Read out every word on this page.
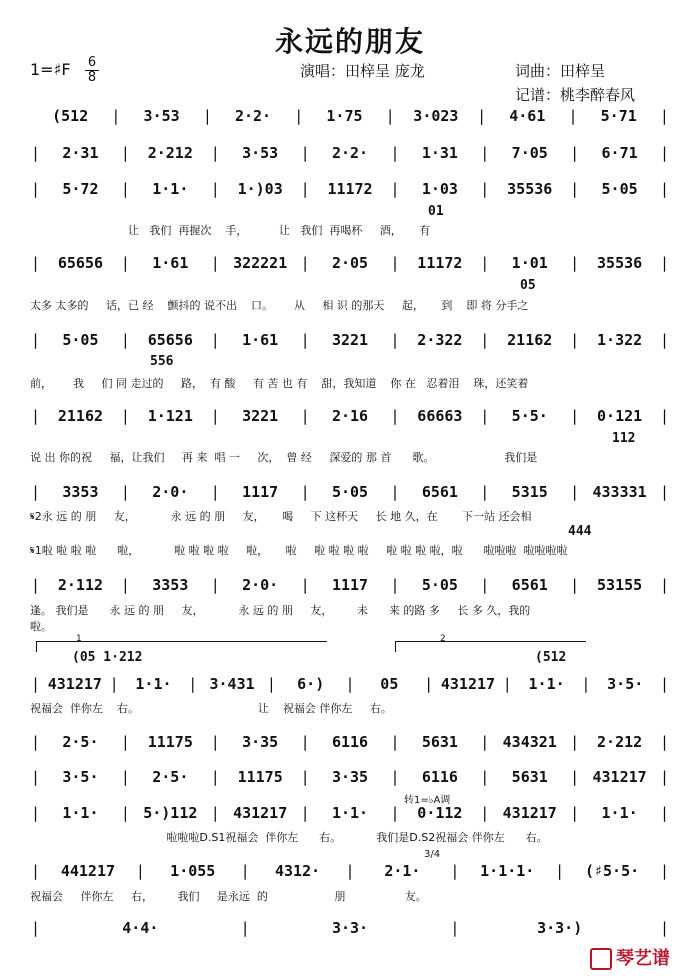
永远的朋友
1=♯F 6
8	演唱：田梓呈 庞龙	词曲：田梓呈
记谱：桃李醉春风
(512	|	3·53	|	2·2·	|	1·75	|	3·023	|	4·61	|	5·71	|
|	2·31	|	2·212	|	3·53	|	2·2·	|	1·31	|	7·05	|	6·71	|
|	5·72	|	1·1·	|	1·)03	|	11172	|	1·03	|	35536	|	5·05	|
让   我们  再握次    手，         让   我们  再喝杯     酒，     有
|	65656	|	1·61	| 322221 |	2·05	|	11172	|	1·01	|	35536	|
太多 太多的     话，已 经    颤抖的 说不出    口。      从     相 识 的那天     起，     到    即 将 分手之
|	5·05	|	65656	|	1·61	|	3221	|	2·322	|	21162	|	1·322	|
前，      我     们 同 走过的     路，  有 酸     有 苦 也 有    甜，我知道    你 在   忍着泪    珠，还笑着
|	21162	|	1·121	|	3221	|	2·16	|	66663	|	5·5·	|	0·121	|
说 出 你的祝     福，让我们     再 来  唱 一     次，  曾 经     深爱的 那 首      歌。                    我们是
|	3353	|	2·0·	|	1117	|	5·05	|	6561	|	5315	| 433331 |
𝄋2永 远 的 朋     友，          永 远 的 朋     友，     喝     下 这杯天     长 地 久，在       下一站 还会相
𝄋1啦 啦 啦 啦      啦，          啦 啦 啦 啦     啦，     啦     啦 啦 啦 啦     啦 啦 啦 啦，啦      啦啦啦  啦啦啦啦
|	2·112	|	3353	|	2·0·	|	1117	|	5·05	|	6561	|	53155	|
逢。 我们是      永 远 的 朋     友，          永 远 的 朋     友，       未      来 的路 多     长 多 久，我的
啦。
| 431217 |	1·1·	| 3·431 |	6·)	|	05	| 431217 |	1·1·	|	3·5·	|
祝福会  伴你左    右。                                  让    祝福会 伴你左     右。
|	2·5·	|	11175	|	3·35	|	6116	|	5631	| 434321 |	2·212	|
|	3·5·	|	2·5·	|	11175	|	3·35	|	6116	|	5631	| 431217 |
|	1·1·	| 5·)112 | 431217 |	1·1·	|	0·112	| 431217 |	1·1·	|
啦啦啦D.S1祝福会  伴你左      右。          我们是D.S2祝福会 伴你左      右。
|	441217	|	1·055	|	4312·	|	2·1·	|	1·1·1·	|	(♯5·5·	|
祝福会     伴你左     右，       我们     是永远  的                   朋                 友。
|	4·4·	|	3·3·	|	3·3·)	|
01
05
556
112
444
(05 1·212	(512
1	2
转1=♭A调
3/4
琴艺谱
